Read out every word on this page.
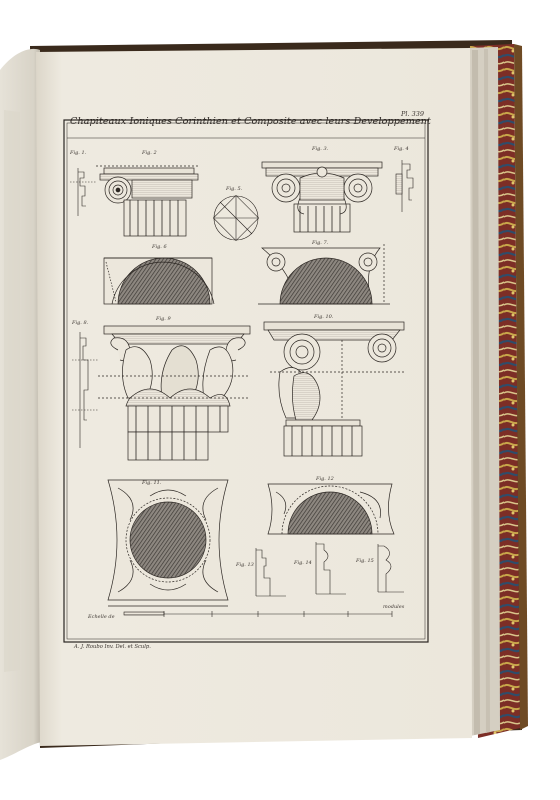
Pl. 339
Chapiteaux Ioniques Corinthien et Composite avec leurs Developpement
Fig. 1.	Fig. 2
Fig. 3.	Fig. 4
Fig. 5.
Fig. 6
Fig. 7.
Fig. 8.
Fig. 9	Fig. 10.
Fig. 11.
Fig. 12
Fig. 13	Fig. 14	Fig. 15
Echelle de
modules
A. J. Roubo Inv. Del. et Sculp.
